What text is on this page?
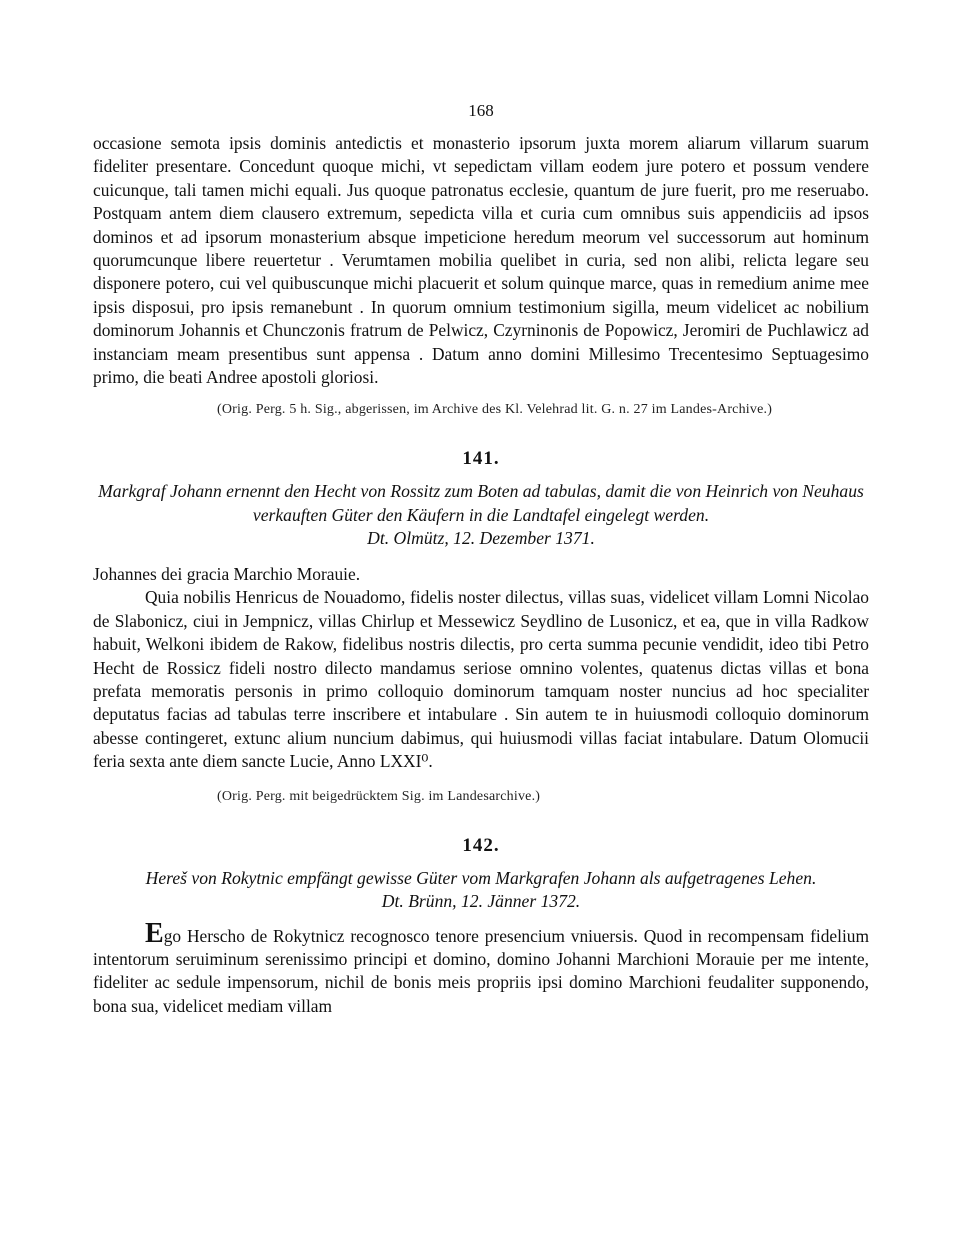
168

occasione semota ipsis dominis antedictis et monasterio ipsorum juxta morem aliarum villarum suarum fideliter presentare. Concedunt quoque michi, vt sepedictam villam eodem jure potero et possum vendere cuicunque, tali tamen michi equali. Jus quoque patronatus ecclesie, quantum de jure fuerit, pro me reseruabo. Postquam antem diem clausero extremum, sepedicta villa et curia cum omnibus suis appendiciis ad ipsos dominos et ad ipsorum monasterium absque impeticione heredum meorum vel successorum aut hominum quorumcunque libere reuertetur . Verumtamen mobilia quelibet in curia, sed non alibi, relicta legare seu disponere potero, cui vel quibuscunque michi placuerit et solum quinque marce, quas in remedium anime mee ipsis disposui, pro ipsis remanebunt . In quorum omnium testimonium sigilla, meum videlicet ac nobilium dominorum Johannis et Chunczonis fratrum de Pelwicz, Czyrninonis de Popowicz, Jeromiri de Puchlawicz ad instanciam meam presentibus sunt appensa . Datum anno domini Millesimo Trecentesimo Septuagesimo primo, die beati Andree apostoli gloriosi.

(Orig. Perg. 5 h. Sig., abgerissen, im Archive des Kl. Velehrad lit. G. n. 27 im Landes-Archive.)

141.

Markgraf Johann ernennt den Hecht von Rossitz zum Boten ad tabulas, damit die von Heinrich von Neuhaus verkauften Güter den Käufern in die Landtafel eingelegt werden.

Dt. Olmütz, 12. Dezember 1371.

Johannes dei gracia Marchio Morauie.

Quia nobilis Henricus de Nouadomo, fidelis noster dilectus, villas suas, videlicet villam Lomni Nicolao de Slabonicz, ciui in Jempnicz, villas Chirlup et Messewicz Seydlino de Lusonicz, et ea, que in villa Radkow habuit, Welkoni ibidem de Rakow, fidelibus nostris dilectis, pro certa summa pecunie vendidit, ideo tibi Petro Hecht de Rossicz fideli nostro dilecto mandamus seriose omnino volentes, quatenus dictas villas et bona prefata memoratis personis in primo colloquio dominorum tamquam noster nuncius ad hoc specialiter deputatus facias ad tabulas terre inscribere et intabulare . Sin autem te in huiusmodi colloquio dominorum abesse contingeret, extunc alium nuncium dabimus, qui huiusmodi villas faciat intabulare. Datum Olomucii feria sexta ante diem sancte Lucie, Anno LXXI⁰.

(Orig. Perg. mit beigedrücktem Sig. im Landesarchive.)

142.

Hereš von Rokytnic empfängt gewisse Güter vom Markgrafen Johann als aufgetragenes Lehen.

Dt. Brünn, 12. Jänner 1372.

Ego Herscho de Rokytnicz recognosco tenore presencium vniuersis. Quod in recompensam fidelium intentorum seruiminum serenissimo principi et domino, domino Johanni Marchioni Morauie per me intente, fideliter ac sedule impensorum, nichil de bonis meis propriis ipsi domino Marchioni feudaliter supponendo, bona sua, videlicet mediam villam
